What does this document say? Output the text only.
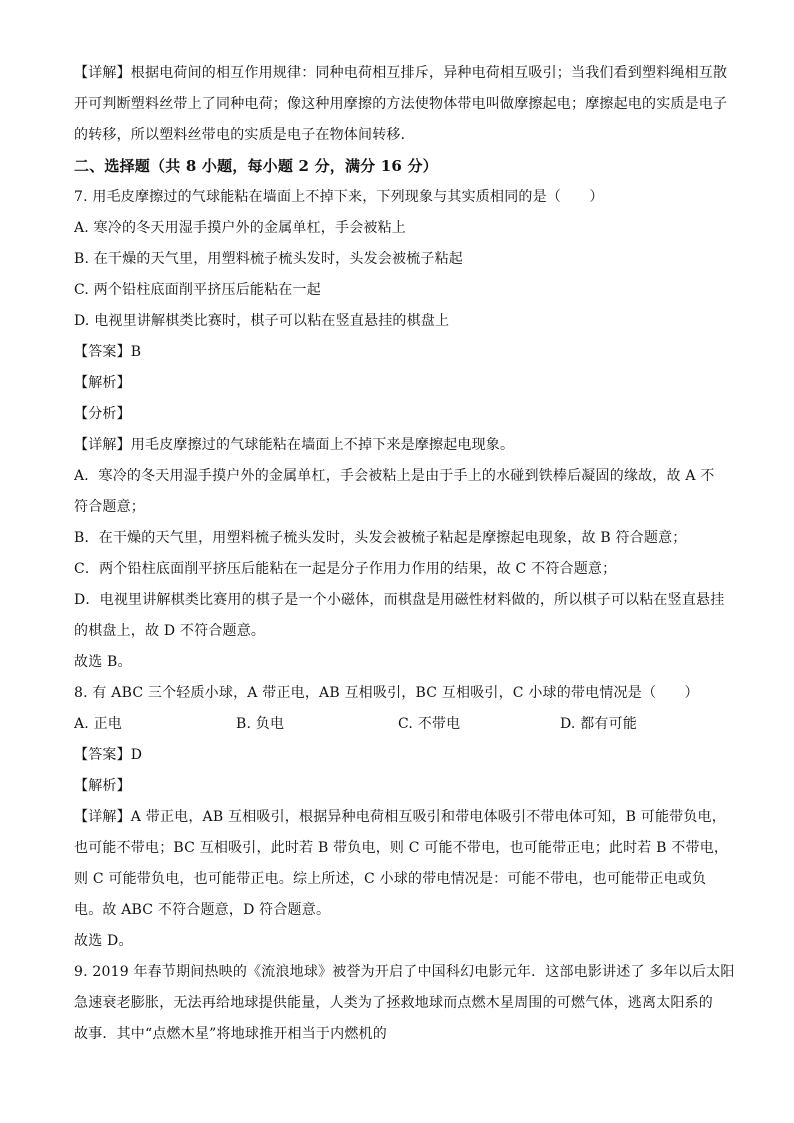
【详解】根据电荷间的相互作用规律：同种电荷相互排斥，异种电荷相互吸引；当我们看到塑料绳相互散
开可判断塑料丝带上了同种电荷；像这种用摩擦的方法使物体带电叫做摩擦起电；摩擦起电的实质是电子
的转移，所以塑料丝带电的实质是电子在物体间转移．
二、选择题（共 8 小题，每小题 2 分，满分 16 分）
7. 用毛皮摩擦过的气球能粘在墙面上不掉下来，下列现象与其实质相同的是（　　）
A. 寒冷的冬天用湿手摸户外的金属单杠，手会被粘上
B. 在干燥的天气里，用塑料梳子梳头发时，头发会被梳子粘起
C. 两个铅柱底面削平挤压后能粘在一起
D. 电视里讲解棋类比赛时，棋子可以粘在竖直悬挂的棋盘上
【答案】B
【解析】
【分析】
【详解】用毛皮摩擦过的气球能粘在墙面上不掉下来是摩擦起电现象。
A．寒冷的冬天用湿手摸户外的金属单杠，手会被粘上是由于手上的水碰到铁棒后凝固的缘故，故 A 不
符合题意；
B．在干燥的天气里，用塑料梳子梳头发时，头发会被梳子粘起是摩擦起电现象，故 B 符合题意；
C．两个铅柱底面削平挤压后能粘在一起是分子作用力作用的结果，故 C 不符合题意；
D．电视里讲解棋类比赛用的棋子是一个小磁体，而棋盘是用磁性材料做的，所以棋子可以粘在竖直悬挂
的棋盘上，故 D 不符合题意。
故选 B。
8. 有 ABC 三个轻质小球，A 带正电，AB 互相吸引，BC 互相吸引，C 小球的带电情况是（　　）
A. 正电	B. 负电	C. 不带电	D. 都有可能
【答案】D
【解析】
【详解】A 带正电，AB 互相吸引，根据异种电荷相互吸引和带电体吸引不带电体可知，B 可能带负电，
也可能不带电；BC 互相吸引，此时若 B 带负电，则 C 可能不带电，也可能带正电；此时若 B 不带电，
则 C 可能带负电，也可能带正电。综上所述，C 小球的带电情况是：可能不带电，也可能带正电或负
电。故 ABC 不符合题意，D 符合题意。
故选 D。
9. 2019 年春节期间热映的《流浪地球》被誉为开启了中国科幻电影元年．这部电影讲述了 多年以后太阳
急速衰老膨胀，无法再给地球提供能量，人类为了拯救地球而点燃木星周围的可燃气体，逃离太阳系的
故事．其中“点燃木星”将地球推开相当于内燃机的
